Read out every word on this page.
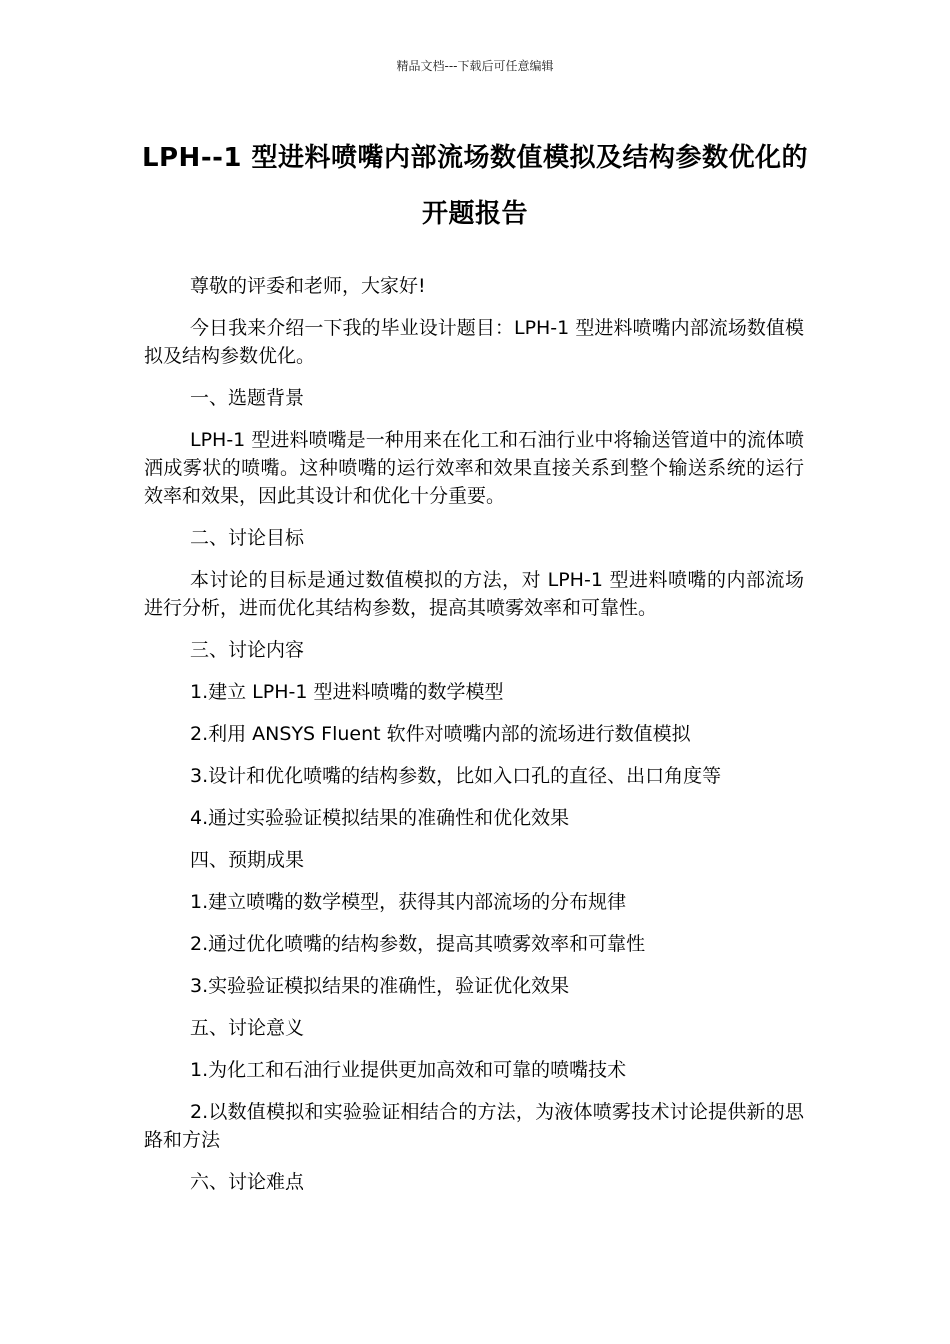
精品文档---下载后可任意编辑
LPH--1 型进料喷嘴内部流场数值模拟及结构参数优化的开题报告

尊敬的评委和老师，大家好!

今日我来介绍一下我的毕业设计题目：LPH-1 型进料喷嘴内部流场数值模拟及结构参数优化。

一、选题背景

LPH-1 型进料喷嘴是一种用来在化工和石油行业中将输送管道中的流体喷洒成雾状的喷嘴。这种喷嘴的运行效率和效果直接关系到整个输送系统的运行效率和效果，因此其设计和优化十分重要。

二、讨论目标

本讨论的目标是通过数值模拟的方法，对 LPH-1 型进料喷嘴的内部流场进行分析，进而优化其结构参数，提高其喷雾效率和可靠性。

三、讨论内容

1.建立 LPH-1 型进料喷嘴的数学模型

2.利用 ANSYS Fluent 软件对喷嘴内部的流场进行数值模拟

3.设计和优化喷嘴的结构参数，比如入口孔的直径、出口角度等

4.通过实验验证模拟结果的准确性和优化效果

四、预期成果

1.建立喷嘴的数学模型，获得其内部流场的分布规律

2.通过优化喷嘴的结构参数，提高其喷雾效率和可靠性

3.实验验证模拟结果的准确性，验证优化效果

五、讨论意义

1.为化工和石油行业提供更加高效和可靠的喷嘴技术

2.以数值模拟和实验验证相结合的方法，为液体喷雾技术讨论提供新的思路和方法

六、讨论难点
